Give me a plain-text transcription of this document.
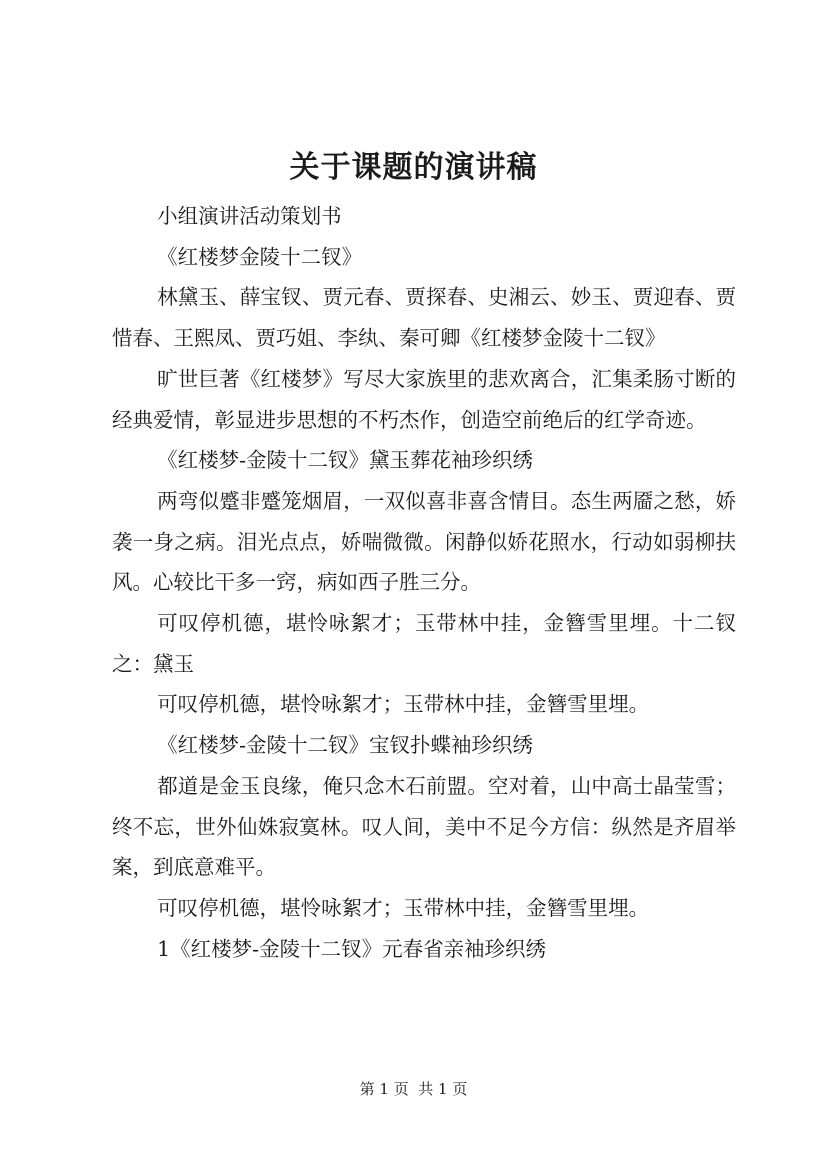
关于课题的演讲稿

小组演讲活动策划书

《红楼梦金陵十二钗》

林黛玉、薛宝钗、贾元春、贾探春、史湘云、妙玉、贾迎春、贾惜春、王熙凤、贾巧姐、李纨、秦可卿《红楼梦金陵十二钗》

旷世巨著《红楼梦》写尽大家族里的悲欢离合，汇集柔肠寸断的经典爱情，彰显进步思想的不朽杰作，创造空前绝后的红学奇迹。

《红楼梦-金陵十二钗》黛玉葬花袖珍织绣

两弯似蹙非蹙笼烟眉，一双似喜非喜含情目。态生两靥之愁，娇袭一身之病。泪光点点，娇喘微微。闲静似娇花照水，行动如弱柳扶风。心较比干多一窍，病如西子胜三分。

可叹停机德，堪怜咏絮才；玉带林中挂，金簪雪里埋。十二钗之：黛玉

可叹停机德，堪怜咏絮才；玉带林中挂，金簪雪里埋。

《红楼梦-金陵十二钗》宝钗扑蝶袖珍织绣

都道是金玉良缘，俺只念木石前盟。空对着，山中高士晶莹雪；终不忘，世外仙姝寂寞林。叹人间，美中不足今方信：纵然是齐眉举案，到底意难平。

可叹停机德，堪怜咏絮才；玉带林中挂，金簪雪里埋。

1《红楼梦-金陵十二钗》元春省亲袖珍织绣

第 1 页  共 1 页
